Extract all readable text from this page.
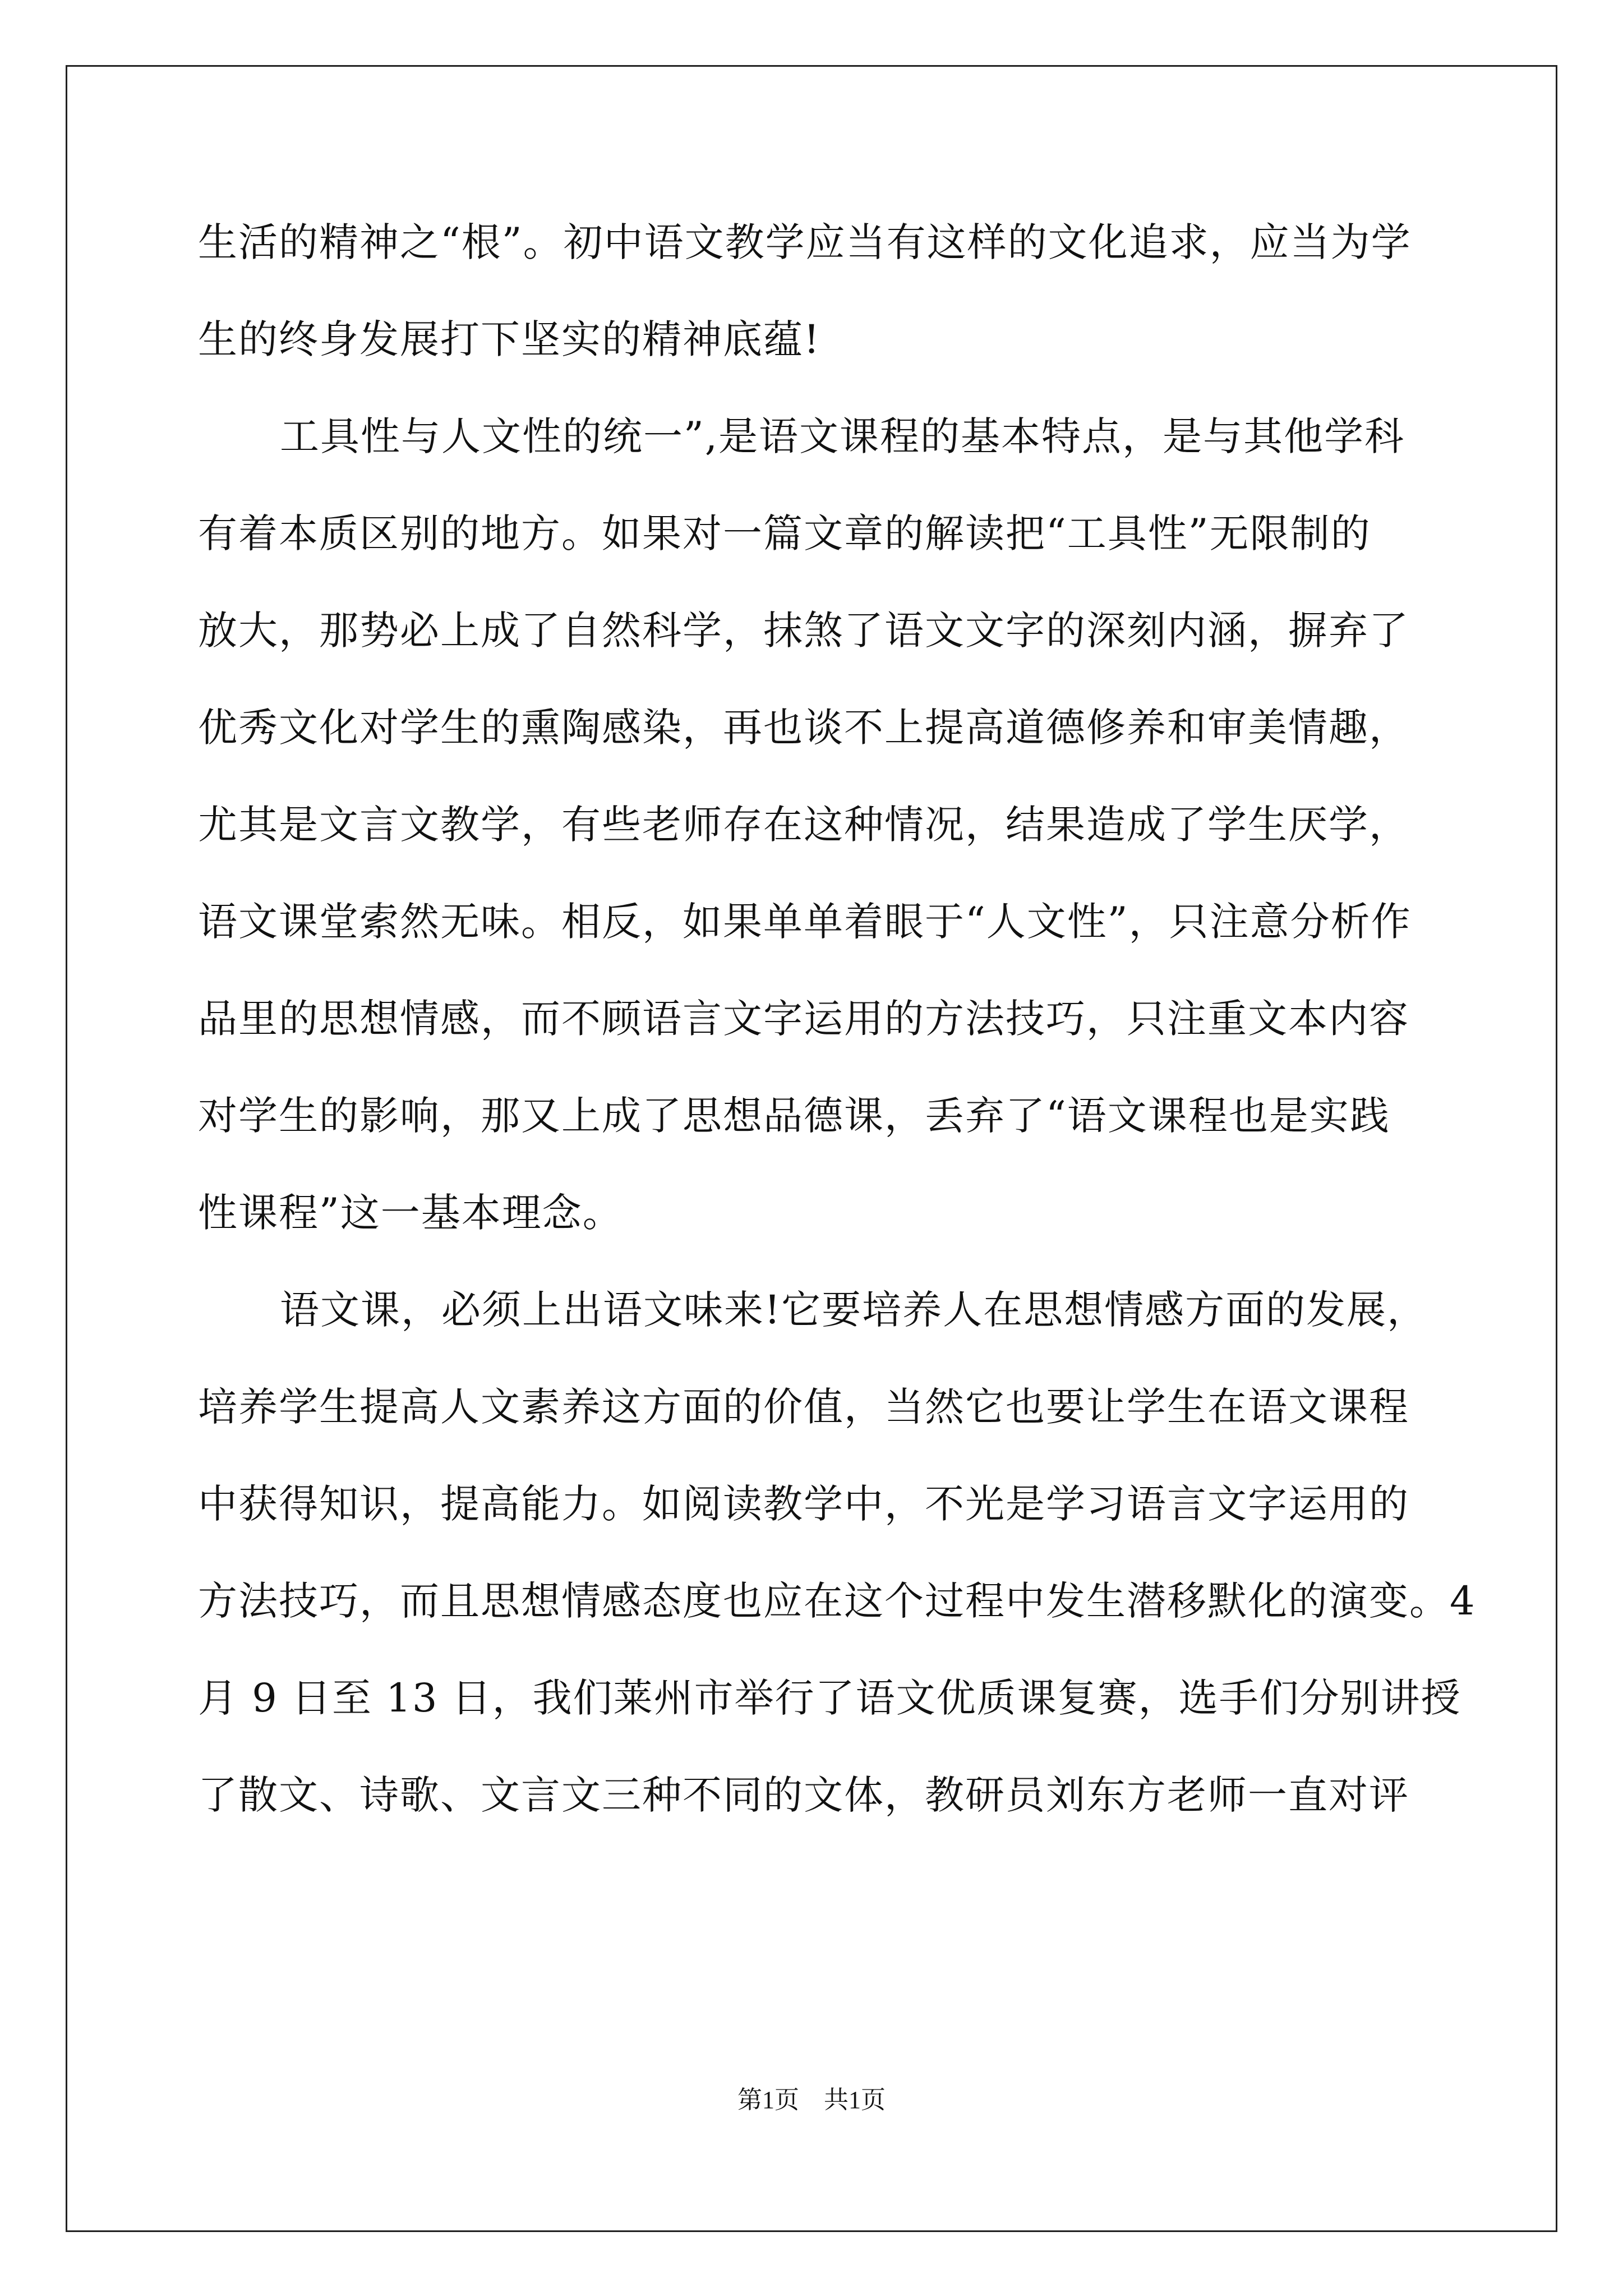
生活的精神之“根”。初中语文教学应当有这样的文化追求，应当为学
生的终身发展打下坚实的精神底蕴!
工具性与人文性的统一”,是语文课程的基本特点，是与其他学科
有着本质区别的地方。如果对一篇文章的解读把“工具性”无限制的
放大，那势必上成了自然科学，抹煞了语文文字的深刻内涵，摒弃了
优秀文化对学生的熏陶感染，再也谈不上提高道德修养和审美情趣，
尤其是文言文教学，有些老师存在这种情况，结果造成了学生厌学，
语文课堂索然无味。相反，如果单单着眼于“人文性”，只注意分析作
品里的思想情感，而不顾语言文字运用的方法技巧，只注重文本内容
对学生的影响，那又上成了思想品德课，丢弃了“语文课程也是实践
性课程”这一基本理念。
语文课，必须上出语文味来!它要培养人在思想情感方面的发展，
培养学生提高人文素养这方面的价值，当然它也要让学生在语文课程
中获得知识，提高能力。如阅读教学中，不光是学习语言文字运用的
方法技巧，而且思想情感态度也应在这个过程中发生潜移默化的演变。4
月 9 日至 13 日，我们莱州市举行了语文优质课复赛，选手们分别讲授
了散文、诗歌、文言文三种不同的文体，教研员刘东方老师一直对评
第1页 共1页
